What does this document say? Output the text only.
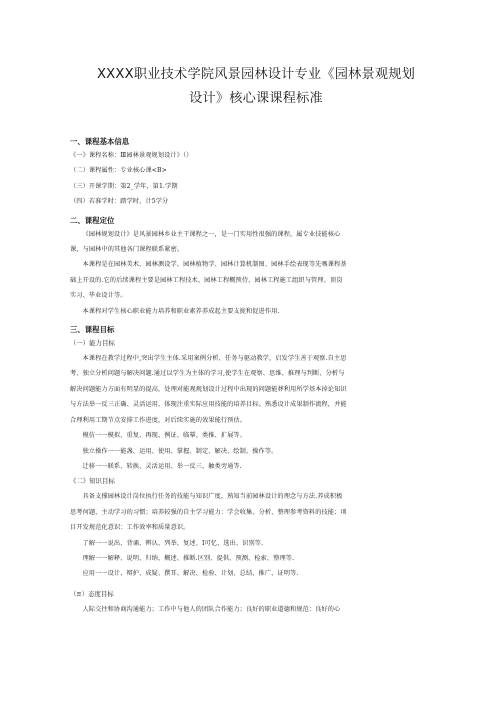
XXXX职业技术学院风景园林设计专业《园林景观规划
设计》核心课课程标准
一、课程基本信息
《一》课程名称：Ⅲ园林景观规划设计》（）
（二）课程属性：专业核心课<B>
（三）开课学期：第2_学年，第1.学期
（四）若准学时：踏学时，计5学分
二、课程定位

《园林规划设计》是风景园林乡业主干课程之一，是一门实用性很强的课程，属专业技能核心

课，与园林中的其他各门课程联系紧密。

本课程是在园林美术、园林测设学、园林植物学、园林计算机制图、园林手绘表现等先嗎课程基

础上开设的.它的后续课程主要是园林工程技术、园林工程概预侍、园林工程施工组织与管理、顶岗

实习、毕业设计等。

本课程对学生核心职业能力培养和职业素养养成起主要支拢和促进作用.

三、课程目标
（一）能力目标

本课程在教学过程中,突出学生主体.采用案例分析、任务与驱动教学，启发学生善于观察.自主思

考、独立分析问题与解决问题.通过以学生为主体的学习,使学生在观察、思维、推理与判断、分析与

解决问题能力方面有明显的提高，处理对能观规划设计过程中出现的问题能葬利用所学基本掉论知识

与方法举一反三正确、灵活运用，体现注重实际应用技能的培养目标。熟悉设计成果制作流程，并能

合理利用工期节点安排工作进度，对后续实施的效果能行预估。

模仿一一模拟、重复、再现、例证、临摹、类推、扩展等。

独立操作一一能盏、运用、使用、掌握、制定、解决、绘制、操作等。

迁移一一联系、转换、灵活运用、举一反三、触类旁通等.

《二》知识目标

具备支撑园林设计岗位执行任务的技能与知识广度，熟知当前园林设计的理念与方法.养成积极

思考何题、主动学习的习惯；培养较强的自主学习能力：学会收集、分析、整理参考资料的技能；项

目开发规范化意识：工作效率和质量意识。

了解一一说出、背诵、辨认、列举、复述、I可忆、选出、识别等.

理解一一解释、说明、归纳、概述、推断.区别、提供、预测、检索、整理等.

应用一一设计、辩护、成疑、撰耳、解决、检验、计划、总结、推广、证明等.

（≡）态度目标

人际交往和协商沟通能力；工作中与他人的团队合作能力；良好的职业道德和规范：良好的心
